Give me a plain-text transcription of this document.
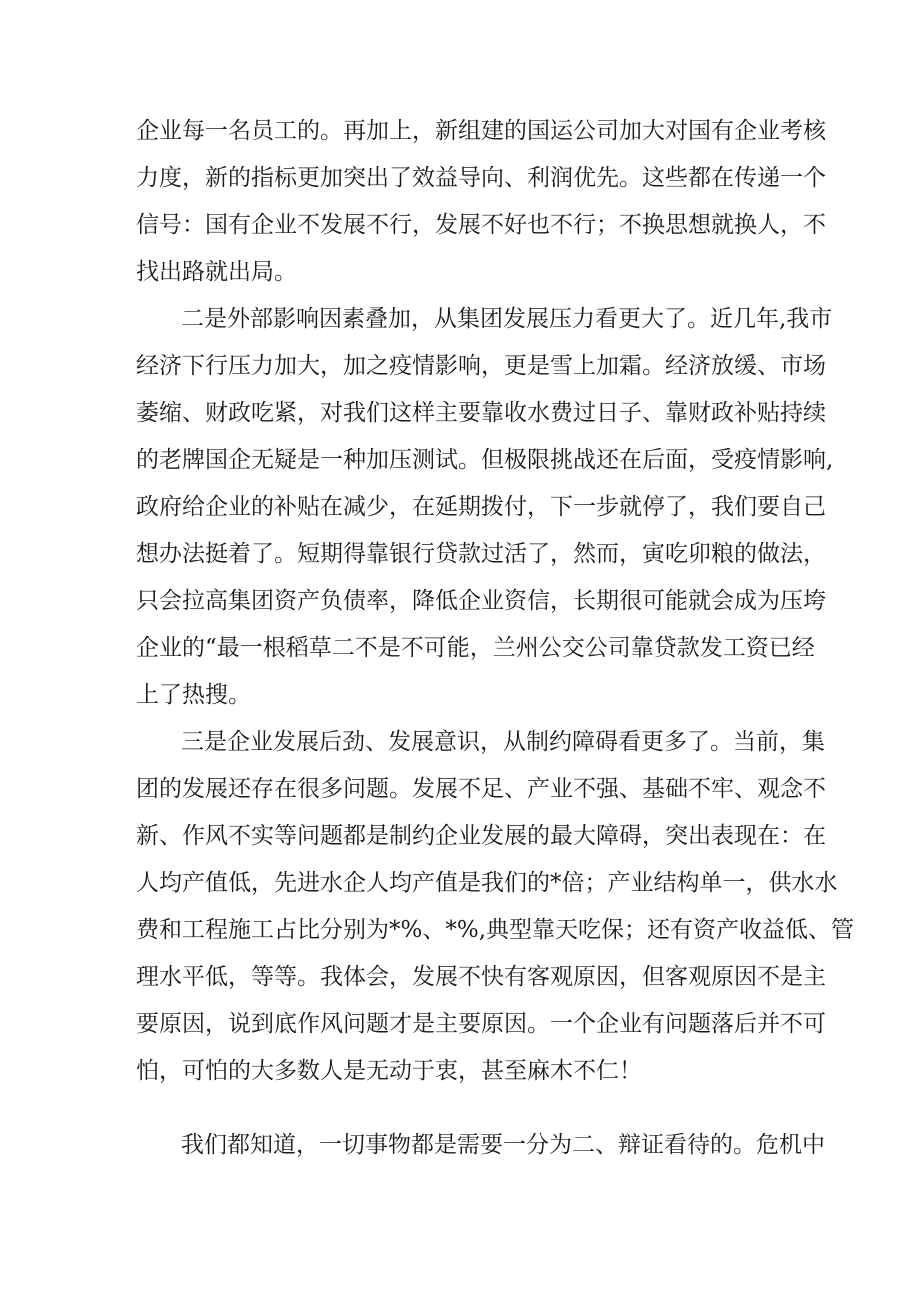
企业每一名员工的。再加上，新组建的国运公司加大对国有企业考核
力度，新的指标更加突出了效益导向、利润优先。这些都在传递一个
信号：国有企业不发展不行，发展不好也不行；不换思想就换人，不
找出路就出局。
二是外部影响因素叠加，从集团发展压力看更大了。近几年,我市
经济下行压力加大，加之疫情影响，更是雪上加霜。经济放缓、市场
萎缩、财政吃紧，对我们这样主要靠收水费过日子、靠财政补贴持续
的老牌国企无疑是一种加压测试。但极限挑战还在后面，受疫情影响,
政府给企业的补贴在减少，在延期拨付，下一步就停了，我们要自己
想办法挺着了。短期得靠银行贷款过活了，然而，寅吃卯粮的做法，
只会拉高集团资产负债率，降低企业资信，长期很可能就会成为压垮
企业的“最一根稻草二不是不可能，兰州公交公司靠贷款发工资已经
上了热搜。
三是企业发展后劲、发展意识，从制约障碍看更多了。当前，集
团的发展还存在很多问题。发展不足、产业不强、基础不牢、观念不
新、作风不实等问题都是制约企业发展的最大障碍，突出表现在：在
人均产值低，先进水企人均产值是我们的*倍；产业结构单一，供水水
费和工程施工占比分别为*%、*%,典型靠天吃保；还有资产收益低、管
理水平低，等等。我体会，发展不快有客观原因，但客观原因不是主
要原因，说到底作风问题才是主要原因。一个企业有问题落后并不可
怕，可怕的大多数人是无动于衷，甚至麻木不仁！
我们都知道，一切事物都是需要一分为二、辩证看待的。危机中
